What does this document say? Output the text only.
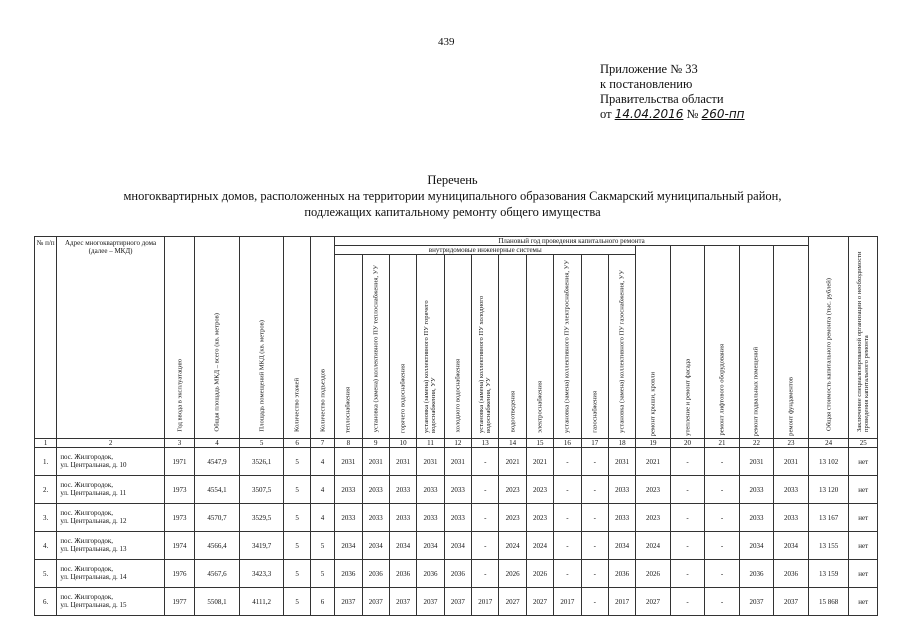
439
Приложение № 33
к постановлению
Правительства области
от 14.04.2016 № 260-пп
Перечень
многоквартирных домов, расположенных на территории муниципального образования Сакмарский муниципальный район,
подлежащих капитальному ремонту общего имущества
№ п/п	Адрес многоквартирного дома (далее – МКД)	Год ввода в эксплуатацию	Общая площадь МКД – всего (кв. метров)	Площадь помещений МКД (кв. метров)	Количество этажей	Количество подъездов	Плановый год проведения капитального ремонта																Общая стоимость капитального ремонта (тыс. рублей)	Заключение специализированной организации о необходимости проведения капитального ремонта

							внутридомовые инженерные системы											ремонт крыши, кровли	утепление и ремонт фасада	ремонт лифтового оборудования	ремонт подвальных помещений	ремонт фундаментов		

							теплоснабжения	установка (замена) коллективного ПУ теплоснабжения, УУ	горячего водоснабжения	установка (замена) коллективного ПУ горячего водоснабжения, УУ	холодного водоснабжения	установка (замена) коллективного ПУ холодного водоснабжения, УУ	водоотведения	электроснабжения	установка (замена) коллективного ПУ электроснабжения, УУ	газоснабжения	установка (замена) коллективного ПУ газоснабжения, УУ							

1	2	3	4	5	6	7	8	9	10	11	12	13	14	15	16	17	18	19	20	21	22	23	24	25
1.	пос. Жилгородок,
ул. Центральная, д. 10	1971	4547,9	3526,1	5	4	2031	2031	2031	2031	2031	-	2021	2021	-	-	2031	2021	-	-	2031	2031	13 102	нет
2.	пос. Жилгородок,
ул. Центральная, д. 11	1973	4554,1	3507,5	5	4	2033	2033	2033	2033	2033	-	2023	2023	-	-	2033	2023	-	-	2033	2033	13 120	нет
3.	пос. Жилгородок,
ул. Центральная, д. 12	1973	4570,7	3529,5	5	4	2033	2033	2033	2033	2033	-	2023	2023	-	-	2033	2023	-	-	2033	2033	13 167	нет
4.	пос. Жилгородок,
ул. Центральная, д. 13	1974	4566,4	3419,7	5	5	2034	2034	2034	2034	2034	-	2024	2024	-	-	2034	2024	-	-	2034	2034	13 155	нет
5.	пос. Жилгородок,
ул. Центральная, д. 14	1976	4567,6	3423,3	5	5	2036	2036	2036	2036	2036	-	2026	2026	-	-	2036	2026	-	-	2036	2036	13 159	нет
6.	пос. Жилгородок,
ул. Центральная, д. 15	1977	5508,1	4111,2	5	6	2037	2037	2037	2037	2037	2017	2027	2027	2017	-	2017	2027	-	-	2037	2037	15 868	нет
